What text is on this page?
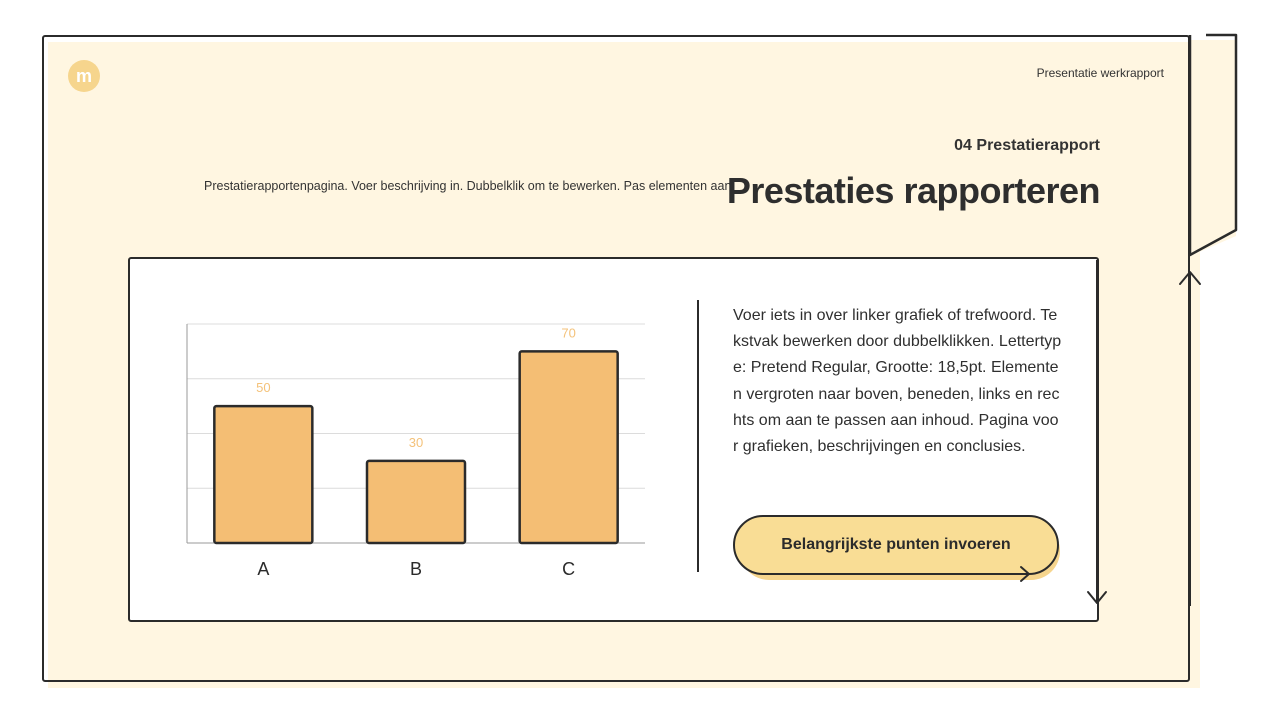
m	Presentatie werkrapport
Prestatierapportenpagina. Voer beschrijving in. Dubbelklik om te bewerken. Pas elementen aan
04 Prestatierapport
Prestaties rapporteren
50
A
30
B
70
C
Voer iets in over linker grafiek of trefwoord. Tekstvak bewerken door dubbelklikken. Lettertype: Pretend Regular, Grootte: 18,5pt. Elementen vergroten naar boven, beneden, links en rechts om aan te passen aan inhoud. Pagina voor grafieken, beschrijvingen en conclusies.
Belangrijkste punten invoeren
